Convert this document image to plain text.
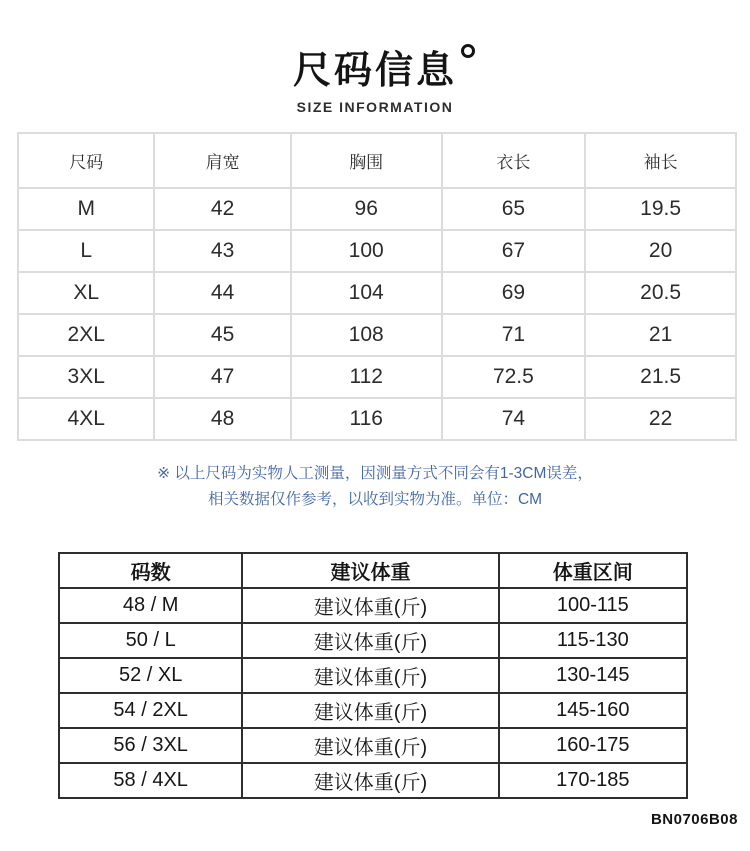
尺码信息
SIZE INFORMATION
尺码	肩宽	胸围	衣长	袖长
M	42	96	65	19.5
L	43	100	67	20
XL	44	104	69	20.5
2XL	45	108	71	21
3XL	47	112	72.5	21.5
4XL	48	116	74	22
※ 以上尺码为实物人工测量，因测量方式不同会有1-3CM误差，
相关数据仅作参考，以收到实物为准。单位：CM
码数	建议体重	体重区间
48 / M	建议体重(斤)	100-115
50 / L	建议体重(斤)	115-130
52 / XL	建议体重(斤)	130-145
54 / 2XL	建议体重(斤)	145-160
56 / 3XL	建议体重(斤)	160-175
58 / 4XL	建议体重(斤)	170-185
BN0706B08
